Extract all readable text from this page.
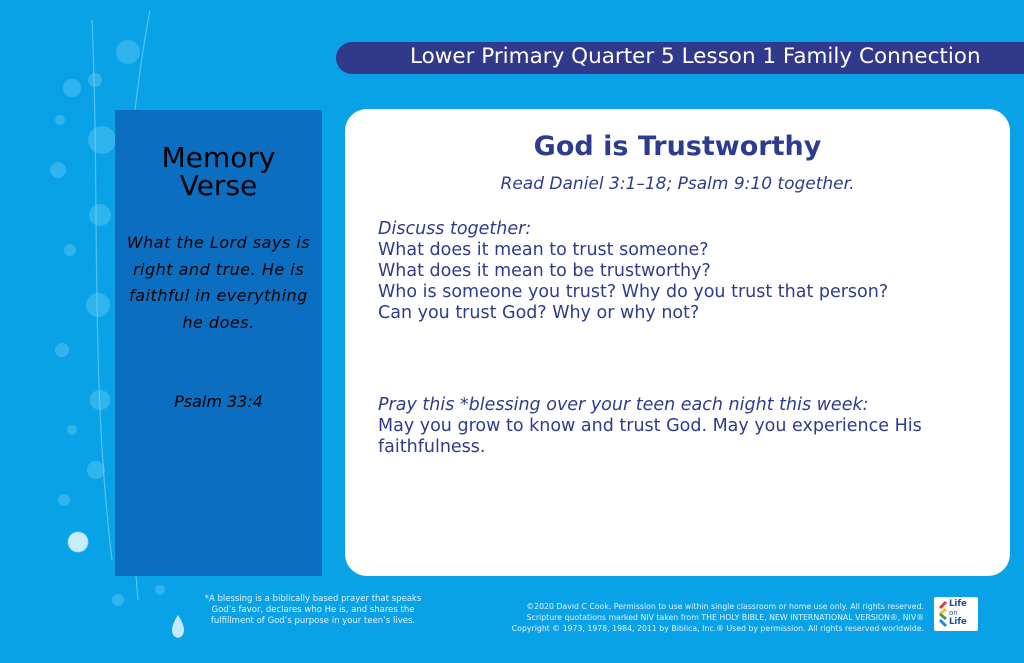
Lower Primary Quarter 5 Lesson 1 Family Connection
Memory
Verse
What the Lord says is right and true. He is faithful in everything he does.
Psalm 33:4
God is Trustworthy
Read Daniel 3:1–18; Psalm 9:10 together.
Discuss together:
What does it mean to trust someone?
What does it mean to be trustworthy?
Who is someone you trust? Why do you trust that person?
Can you trust God? Why or why not?
Pray this *blessing over your teen each night this week:
May you grow to know and trust God. May you experience His faithfulness.
*A blessing is a biblically based prayer that speaks God’s favor, declares who He is, and shares the fulfillment of God’s purpose in your teen’s lives.
©2020 David C Cook. Permission to use within single classroom or home use only. All rights reserved.
Scripture quotations marked NIV taken from THE HOLY BIBLE, NEW INTERNATIONAL VERSION®, NIV®
Copyright © 1973, 1978, 1984, 2011 by Biblica, Inc.® Used by permission. All rights reserved worldwide.
Life
on
Life
